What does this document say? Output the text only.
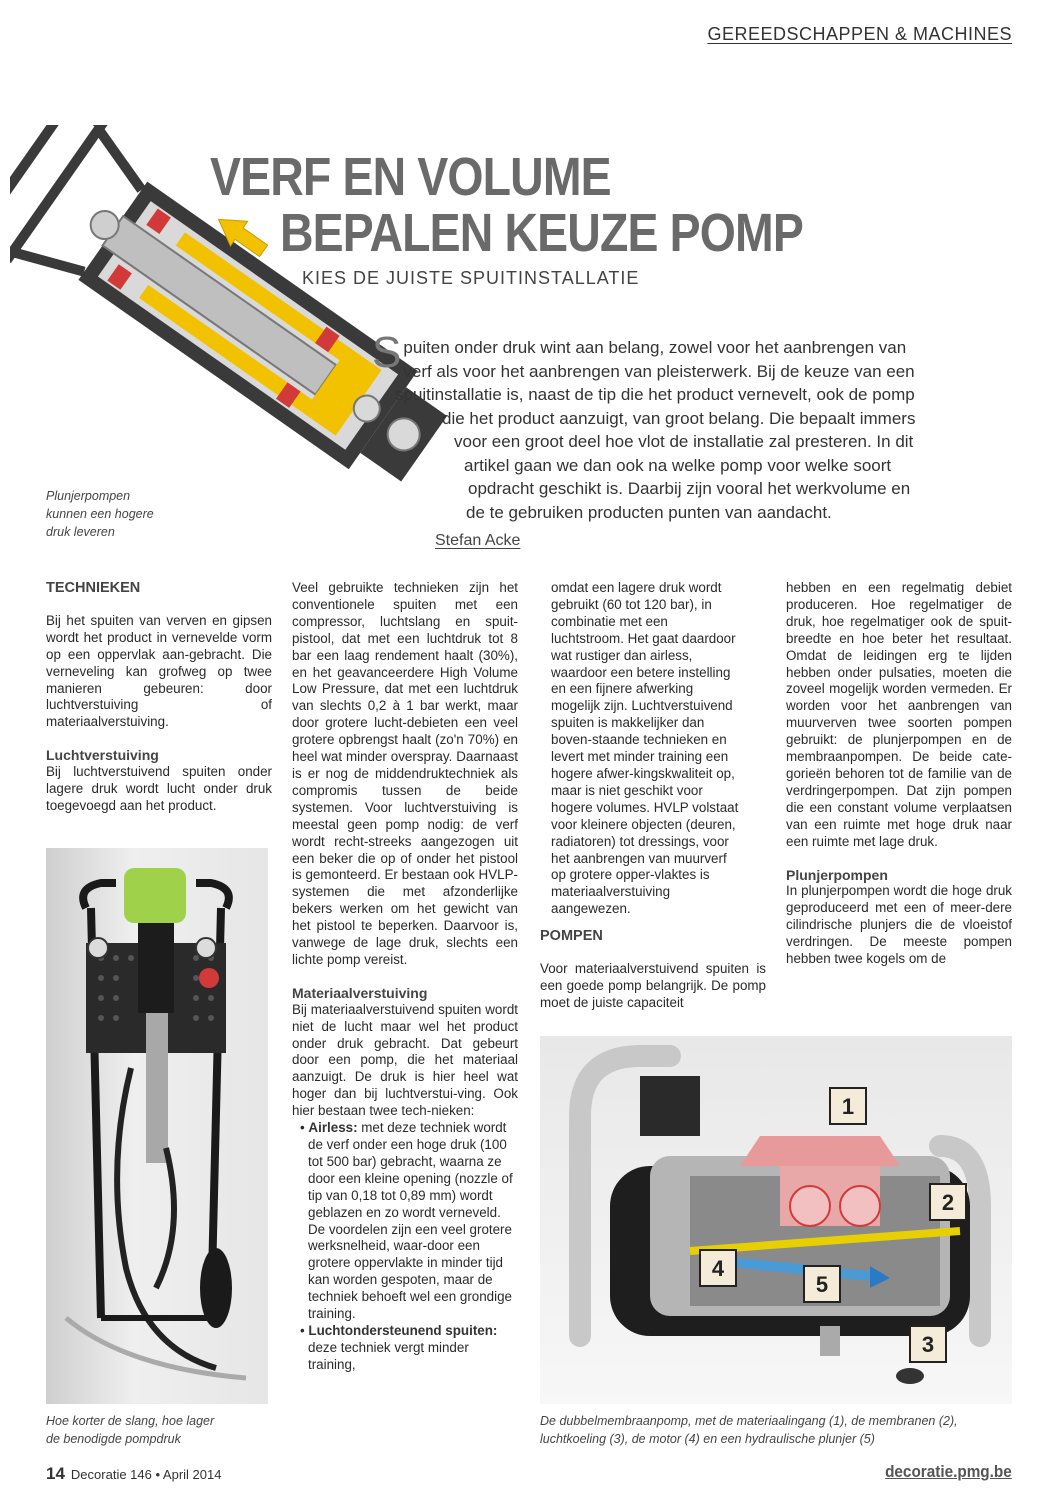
GEREEDSCHAPPEN & MACHINES
VERF EN VOLUME
BEPALEN KEUZE POMP
KIES DE JUISTE SPUITINSTALLATIE
S puiten onder druk wint aan belang, zowel voor het aanbrengen van
verf als voor het aanbrengen van pleisterwerk. Bij de keuze van een
spuitinstallatie is, naast de tip die het product vernevelt, ook de pomp
die het product aanzuigt, van groot belang. Die bepaalt immers
voor een groot deel hoe vlot de installatie zal presteren. In dit
artikel gaan we dan ook na welke pomp voor welke soort
opdracht geschikt is. Daarbij zijn vooral het werkvolume en
de te gebruiken producten punten van aandacht.
Stefan Acke
Plunjerpompen
kunnen een hogere
druk leveren
TECHNIEKEN

Bij het spuiten van verven en gipsen wordt het product in vernevelde vorm op een oppervlak aan-gebracht. Die verneveling kan grofweg op twee manieren gebeuren: door luchtverstuiving of materiaalverstuiving.

Luchtverstuiving

Bij luchtverstuivend spuiten onder lagere druk wordt lucht onder druk toegevoegd aan het product.

Hoe korter de slang, hoe lager
de benodigde pompdruk

Veel gebruikte technieken zijn het conventionele spuiten met een compressor, luchtslang en spuit-pistool, dat met een luchtdruk tot 8 bar een laag rendement haalt (30%), en het geavanceerdere High Volume Low Pressure, dat met een luchtdruk van slechts 0,2 à 1 bar werkt, maar door grotere lucht-debieten een veel grotere opbrengst haalt (zo'n 70%) en heel wat minder overspray. Daarnaast is er nog de middendruktechniek als compromis tussen de beide systemen. Voor luchtverstuiving is meestal geen pomp nodig: de verf wordt recht-streeks aangezogen uit een beker die op of onder het pistool is gemonteerd. Er bestaan ook HVLP-systemen die met afzonderlijke bekers werken om het gewicht van het pistool te beperken. Daarvoor is, vanwege de lage druk, slechts een lichte pomp vereist.

Materiaalverstuiving

Bij materiaalverstuivend spuiten wordt niet de lucht maar wel het product onder druk gebracht. Dat gebeurt door een pomp, die het materiaal aanzuigt. De druk is hier heel wat hoger dan bij luchtverstui-ving. Ook hier bestaan twee tech-nieken:

• Airless: met deze techniek wordt de verf onder een hoge druk (100 tot 500 bar) gebracht, waarna ze door een kleine opening (nozzle of tip van 0,18 tot 0,89 mm) wordt geblazen en zo wordt verneveld. De voordelen zijn een veel grotere werksnelheid, waar-door een grotere oppervlakte in minder tijd kan worden gespoten, maar de techniek behoeft wel een grondige training.
• Luchtondersteunend spuiten: deze techniek vergt minder training,

omdat een lagere druk wordt gebruikt (60 tot 120 bar), in combinatie met een luchtstroom. Het gaat daardoor wat rustiger dan airless, waardoor een betere instelling en een fijnere afwerking mogelijk zijn. Luchtverstuivend spuiten is makkelijker dan boven-staande technieken en levert met minder training een hogere afwer-kingskwaliteit op, maar is niet geschikt voor hogere volumes. HVLP volstaat voor kleinere objecten (deuren, radiatoren) tot dressings, voor het aanbrengen van muurverf op grotere opper-vlaktes is materiaalverstuiving aangewezen.

POMPEN

Voor materiaalverstuivend spuiten is een goede pomp belangrijk. De pomp moet de juiste capaciteit

hebben en een regelmatig debiet produceren. Hoe regelmatiger de druk, hoe regelmatiger ook de spuit-breedte en hoe beter het resultaat. Omdat de leidingen erg te lijden hebben onder pulsaties, moeten die zoveel mogelijk worden vermeden. Er worden voor het aanbrengen van muurverven twee soorten pompen gebruikt: de plunjerpompen en de membraanpompen. De beide cate-gorieën behoren tot de familie van de verdringerpompen. Dat zijn pompen die een constant volume verplaatsen van een ruimte met hoge druk naar een ruimte met lage druk.

Plunjerpompen

In plunjerpompen wordt die hoge druk geproduceerd met een of meer-dere cilindrische plunjers die de vloeistof verdringen. De meeste pompen hebben twee kogels om de

1
2
3
4
5
De dubbelmembraanpomp, met de materiaalingang (1), de membranen (2), luchtkoeling (3), de motor (4) en een hydraulische plunjer (5)
14 Decoratie 146 • April 2014	decoratie.pmg.be
